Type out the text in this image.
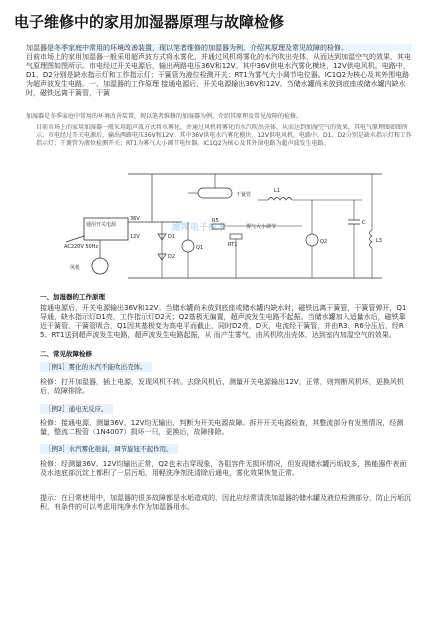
电子维修中的家用加湿器原理与故障检修

加湿器是冬季家庭中常用的环境改善装置，现以笔者维修的加湿器为例，介绍其原理及常见故障的检修。

目前市场上的家用加湿器一般采用超声波方式将水雾化，并通过风机将雾化的水汽吹出壳体，从而达到加湿空气的效果，其电气原理图如图所示。市电经过开关电源后，输出两路电压36V和12V。其中36V供电水汽雾化模块，12V供电风机。电路中，D1、D2分别是缺水指示灯和工作指示灯；干簧管为液位检测开关；RT1为雾气大小调节电位器。IC1Q2为核心及其外围电路为超声波发生电路。一、加湿器的工作原理 接通电源后，开关电源输出36V和12V。当储水罐尚未放到底座或储水罐内缺水时，磁铁远离干簧管，干簧

加湿器是冬季家庭中常用的环境改善装置，现以笔者维修的加湿器为例，介绍其原理及常见故障的检修。

目前市场上的家用加湿器一般采用超声波方式将水雾化，并通过风机将雾化的水汽吹出壳体，从而达到加湿空气的效果，其电气原理图如图所示。市电经过开关电源后，输出两路电压36V和12V。其中36V供电水汽雾化模块，12V供电风机。电路中，D1、D2分别是缺水指示灯和工作指示灯；干簧管为液位检测开关；RT1为雾气大小调节电位器。IC1Q2为核心及其外围电路为超声波发生电路。

维库电子技术
通用开关电源
AC220V 50Hz
风机
36V
12V	D1
D2
Q1
干簧管
R5
RT1
雾气大小调节
L1
Q2
C
L3
一、加湿器的工作原理

接通电源后，开关电源输出36V和12V。当储水罐尚未放到底座或储水罐内缺水时，磁铁远离干簧管，干簧管弹开，Q1导通，缺水指示灯D1亮，工作指示灯D2灭；Q2基极无偏置，超声波发生电路不起振。当储水罐加入适量水后，磁铁靠近干簧管，干簧管吸合，Q1因其基极变为高电平而截止，同时D2亮，D灭，电流经干簧管，并由R3、R6分压后，经R5、RT1送到超声波发生电路，超声波发生电路起振，从 而产生雾气，由风机吹出壳体，达到室内加湿空气的效果。

二、常见故障检修
［例1］雾化的水汽不能吹出壳体。

检修：打开加湿器，插上电源，发现风机不转。去除风机后，测量开关电源输出12V，正常，则判断风机坏，更换风机后，故障排除。

［例2］通电无反应。

检修：接通电源，测量36V、12V均无输出，判断为开关电源故障。拆开开关电源检查，其整流部分有发黑情况，经测量，整流二极管（1N4007）损坏一只，更换后，故障排除。

［例3］水汽雾化很弱，调节旋钮不起作用。

检修：经测量36V、12V均输出正常，Q2也未击穿现象，各阻容件无损坏情况，但发现储水罐污垢较多，换能器件表面及水池底部沉淀上都积了一层污垢，用軽洗净剂洗清除后通电，雾化效果恢复正常。

提示：在日常使用中，加湿器的很多故障都是水垢造成的，因此应经常清洗加湿器的储水罐及液位检测部分，防止污垢沉积，有条件的可以考虑用纯净水作为加湿器用水。
